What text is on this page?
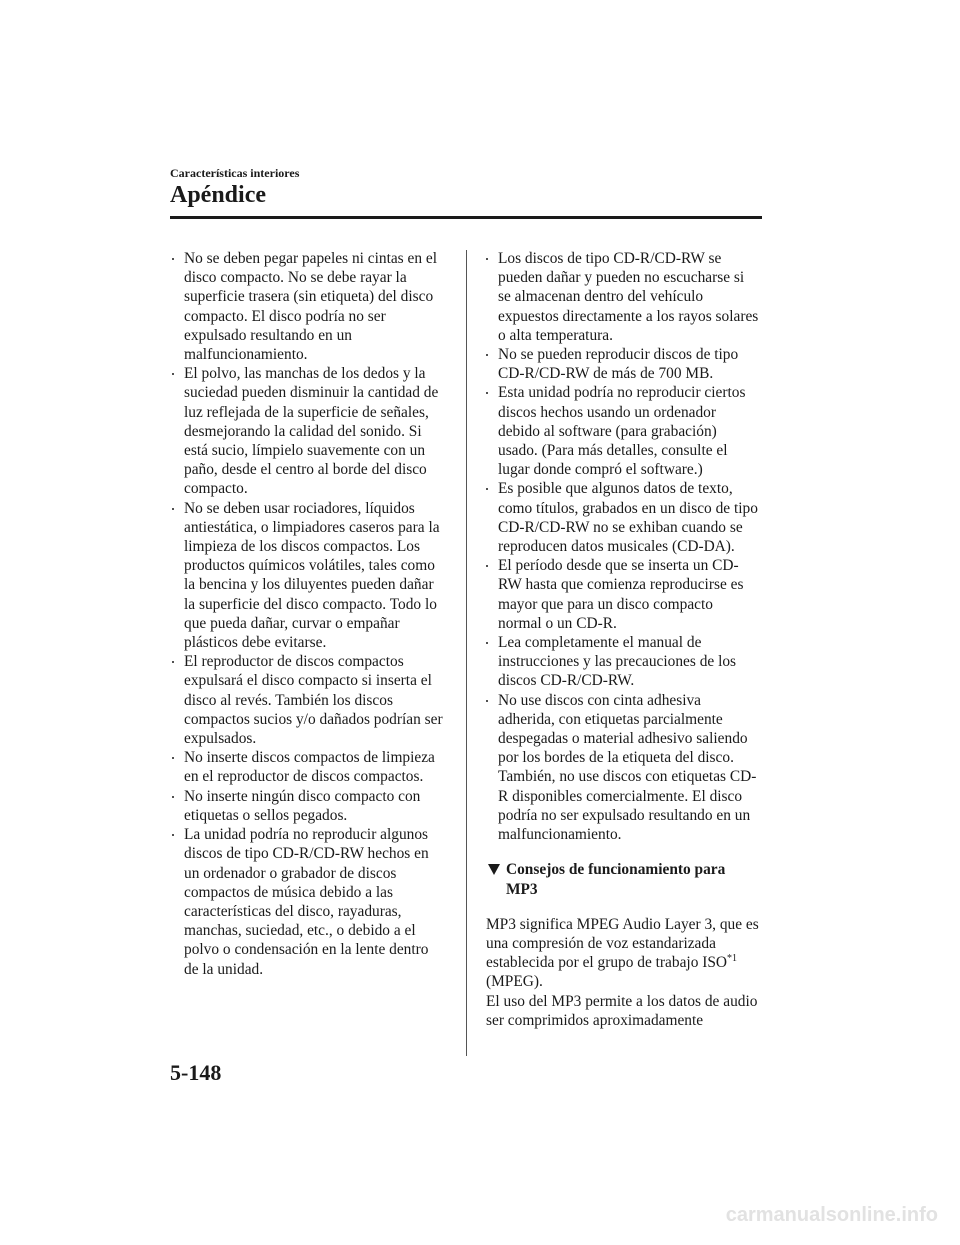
Características interiores
Apéndice
No se deben pegar papeles ni cintas en el disco compacto. No se debe rayar la superficie trasera (sin etiqueta) del disco compacto. El disco podría no ser expulsado resultando en un malfuncionamiento.
El polvo, las manchas de los dedos y la suciedad pueden disminuir la cantidad de luz reflejada de la superficie de señales, desmejorando la calidad del sonido. Si está sucio, límpielo suavemente con un paño, desde el centro al borde del disco compacto.
No se deben usar rociadores, líquidos antiestática, o limpiadores caseros para la limpieza de los discos compactos. Los productos químicos volátiles, tales como la bencina y los diluyentes pueden dañar la superficie del disco compacto. Todo lo que pueda dañar, curvar o empañar plásticos debe evitarse.
El reproductor de discos compactos expulsará el disco compacto si inserta el disco al revés. También los discos compactos sucios y/o dañados podrían ser expulsados.
No inserte discos compactos de limpieza en el reproductor de discos compactos.
No inserte ningún disco compacto con etiquetas o sellos pegados.
La unidad podría no reproducir algunos discos de tipo CD-R/CD-RW hechos en un ordenador o grabador de discos compactos de música debido a las características del disco, rayaduras, manchas, suciedad, etc., o debido a el polvo o condensación en la lente dentro de la unidad.
Los discos de tipo CD-R/CD-RW se pueden dañar y pueden no escucharse si se almacenan dentro del vehículo expuestos directamente a los rayos solares o alta temperatura.
No se pueden reproducir discos de tipo CD-R/CD-RW de más de 700 MB.
Esta unidad podría no reproducir ciertos discos hechos usando un ordenador debido al software (para grabación) usado. (Para más detalles, consulte el lugar donde compró el software.)
Es posible que algunos datos de texto, como títulos, grabados en un disco de tipo CD-R/CD-RW no se exhiban cuando se reproducen datos musicales (CD-DA).
El período desde que se inserta un CD-RW hasta que comienza reproducirse es mayor que para un disco compacto normal o un CD-R.
Lea completamente el manual de instrucciones y las precauciones de los discos CD-R/CD-RW.
No use discos con cinta adhesiva adherida, con etiquetas parcialmente despegadas o material adhesivo saliendo por los bordes de la etiqueta del disco. También, no use discos con etiquetas CD-R disponibles comercialmente. El disco podría no ser expulsado resultando en un malfuncionamiento.
Consejos de funcionamiento para MP3

MP3 significa MPEG Audio Layer 3, que es una compresión de voz estandarizada establecida por el grupo de trabajo ISO$^{*1}$
(MPEG).
El uso del MP3 permite a los datos de audio ser comprimidos aproximadamente

5-148
carmanualsonline.info
